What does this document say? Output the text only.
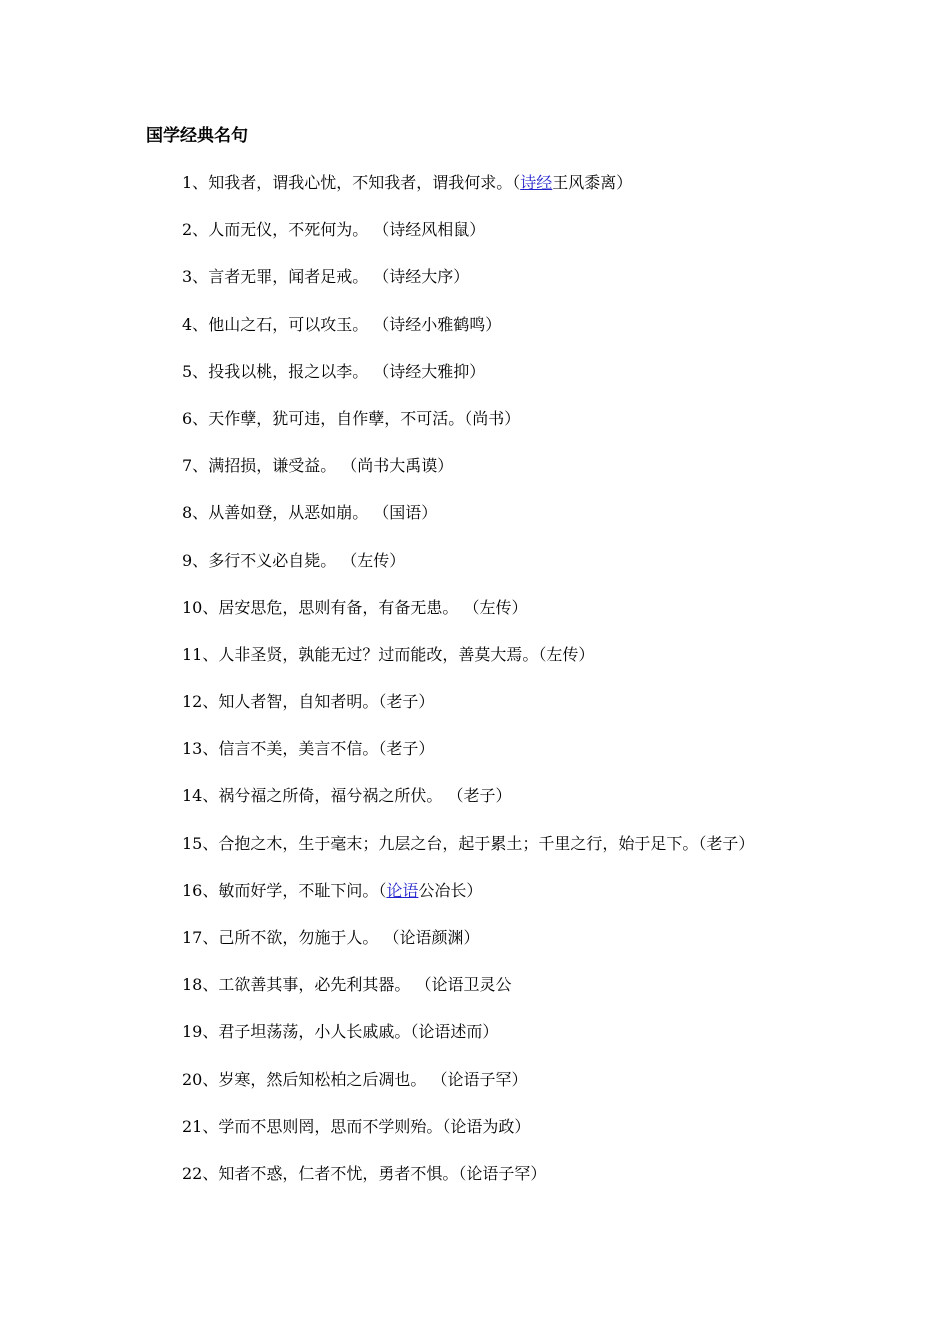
国学经典名句
1、知我者，谓我心忧，不知我者，谓我何求。（诗经王风黍离）
2、人而无仪，不死何为。 （诗经风相鼠）
3、言者无罪，闻者足戒。 （诗经大序）
4、他山之石，可以攻玉。 （诗经小雅鹤鸣）
5、投我以桃，报之以李。 （诗经大雅抑）
6、天作孽，犹可违，自作孽，不可活。（尚书）
7、满招损，谦受益。 （尚书大禹谟）
8、从善如登，从恶如崩。 （国语）
9、多行不义必自毙。 （左传）
10、居安思危，思则有备，有备无患。 （左传）
11、人非圣贤，孰能无过？过而能改，善莫大焉。（左传）
12、知人者智，自知者明。（老子）
13、信言不美，美言不信。（老子）
14、祸兮福之所倚，福兮祸之所伏。 （老子）
15、合抱之木，生于毫末；九层之台，起于累土；千里之行，始于足下。（老子）
16、敏而好学，不耻下问。（论语公冶长）
17、己所不欲，勿施于人。 （论语颜渊）
18、工欲善其事，必先利其器。 （论语卫灵公
19、君子坦荡荡，小人长戚戚。（论语述而）
20、岁寒，然后知松柏之后凋也。 （论语子罕）
21、学而不思则罔，思而不学则殆。（论语为政）
22、知者不惑，仁者不忧，勇者不惧。（论语子罕）
